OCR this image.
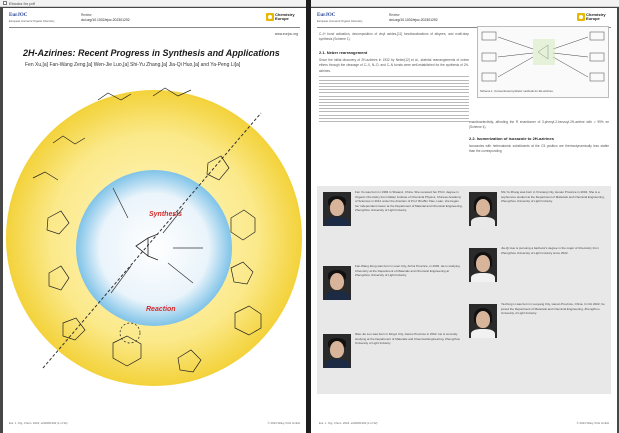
Ebooks for pdf
EurJOC
European Journal of Organic Chemistry
Review
doi.org/10.1002/ejoc.202301292
Chemistry Europe
www.eurjoc.org
2H-Azirines: Recent Progress in Synthesis and Applications
Fen Xu,[a] Fan-Wang Zeng,[a] Wen-Jie Luo,[a] Shi-Yu Zhang,[a] Jia-Qi Huo,[a] and Ya-Peng Li[a]
Synthesis
Reaction
Eur. J. Org. Chem. 2024, e202301292 (1 of 32)	© 2024 Wiley-VCH GmbH
EurJOC
European Journal of Organic Chemistry
Review
doi.org/10.1002/ejoc.202301292
Chemistry Europe
C–H bond activation, decomposition of vinyl azides,[11] functionalizations of alkynes, and multi-step synthesis (Scheme 1).
2.1. Neber rearrangement
Since the initial discovery of 2H-azirines in 1932 by Neber[12] et al., skeletal rearrangements of oxime ethers through the cleavage of C–X, N–O, and C–N bonds were well-established for the synthesis of 2H-azirines.
Scheme 1. Conventional synthetic methods for 2H-azirines.
enantioselectivity, affording the R enantiomer of 3-phenyl-2-benzoyl-2H-azirine with > 99% ee (Scheme 4).
2.2. Isomerization of isoxazole to 2H-azirines
Isoxazoles with heteroatomic substituents at the C5 position are thermodynamically less stable than the corresponding
Fen Xu was born in 1984 in Shaanxi, China. She received her Ph.D. degree in Organic Chemistry from Dalian Institute of Chemical Physics, Chinese Academy of Sciences in 2014 under the direction of Prof. Bin-Bin Xiao. Later, she began her independent career at the Department of Material and Chemical Engineering, Zhengzhou University of Light Industry.
Fan-Wang Zeng was born in Luan City, Anhui Province, in 2002. He is studying Chemistry at the Department of Materials and Chemical Engineering at Zhengzhou University of Light Industry.
Wen-Jie Luo was born in Dingxi City, Gansu Province in 2002. He is currently studying at the Department of Materials and Chemical Engineering, Zhengzhou University of Light Industry.
Shi-Yu Zhang was born in Xinxiang City, Henan Province in 2004. She is a sophomore student at the Department of Materials and Chemical Engineering, Zhengzhou University of Light Industry.
Jia-Qi Huo is pursuing a bachelor's degree in the major of Chemistry from Zhengzhou University of Light Industry since 2022.
Ya-Peng Li was born in Luoyang City, Henan Province, China. In Oct 2022, he joined the Department of Materials and Chemical Engineering, Zhengzhou University of Light Industry.
Eur. J. Org. Chem. 2024, e202301292 (2 of 32)	© 2024 Wiley-VCH GmbH
